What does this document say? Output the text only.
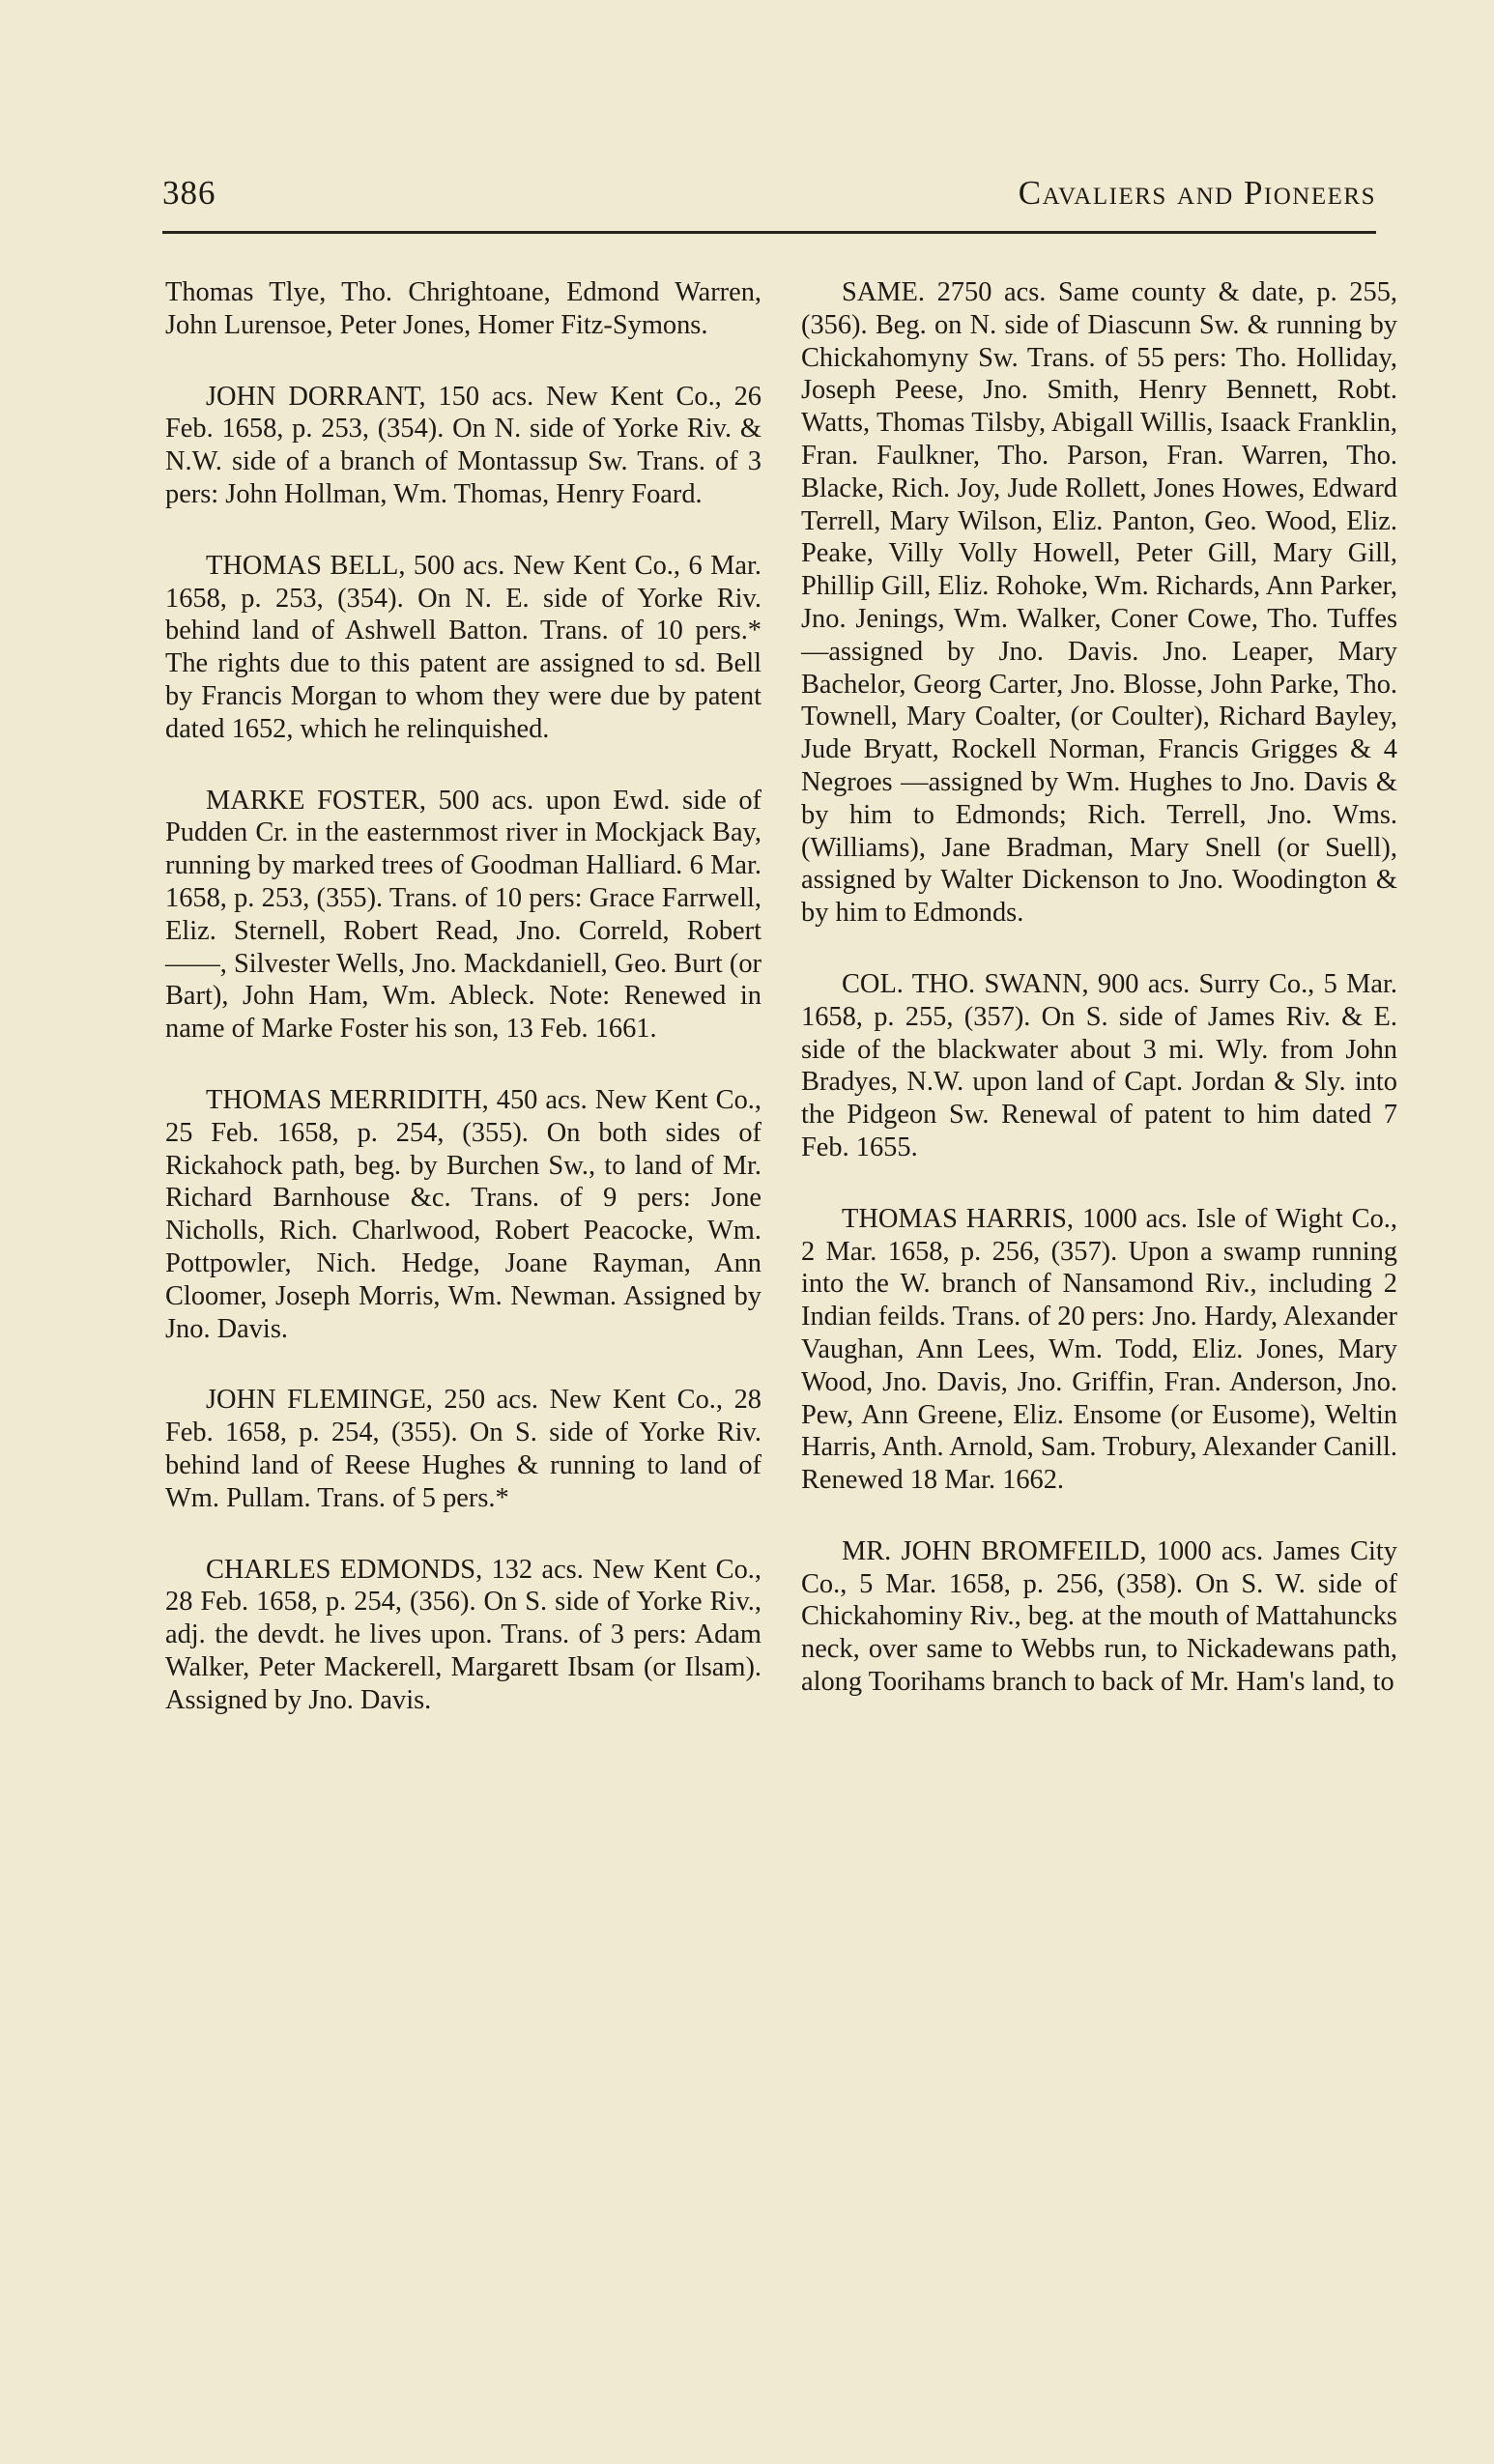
386	Cavaliers and Pioneers

Thomas Tlye, Tho. Chrightoane, Edmond Warren, John Lurensoe, Peter Jones, Homer Fitz-Symons.

JOHN DORRANT, 150 acs. New Kent Co., 26 Feb. 1658, p. 253, (354). On N. side of Yorke Riv. & N.W. side of a branch of Montassup Sw. Trans. of 3 pers: John Hollman, Wm. Thomas, Henry Foard.

THOMAS BELL, 500 acs. New Kent Co., 6 Mar. 1658, p. 253, (354). On N. E. side of Yorke Riv. behind land of Ashwell Batton. Trans. of 10 pers.* The rights due to this patent are assigned to sd. Bell by Francis Morgan to whom they were due by patent dated 1652, which he relinquished.

MARKE FOSTER, 500 acs. upon Ewd. side of Pudden Cr. in the easternmost river in Mockjack Bay, running by marked trees of Goodman Halliard. 6 Mar. 1658, p. 253, (355). Trans. of 10 pers: Grace Farrwell, Eliz. Sternell, Robert Read, Jno. Correld, Robert ——, Silvester Wells, Jno. Mackdaniell, Geo. Burt (or Bart), John Ham, Wm. Ableck. Note: Renewed in name of Marke Foster his son, 13 Feb. 1661.

THOMAS MERRIDITH, 450 acs. New Kent Co., 25 Feb. 1658, p. 254, (355). On both sides of Rickahock path, beg. by Burchen Sw., to land of Mr. Richard Barnhouse &c. Trans. of 9 pers: Jone Nicholls, Rich. Charlwood, Robert Peacocke, Wm. Pottpowler, Nich. Hedge, Joane Rayman, Ann Cloomer, Joseph Morris, Wm. Newman. Assigned by Jno. Davis.

JOHN FLEMINGE, 250 acs. New Kent Co., 28 Feb. 1658, p. 254, (355). On S. side of Yorke Riv. behind land of Reese Hughes & running to land of Wm. Pullam. Trans. of 5 pers.*

CHARLES EDMONDS, 132 acs. New Kent Co., 28 Feb. 1658, p. 254, (356). On S. side of Yorke Riv., adj. the devdt. he lives upon. Trans. of 3 pers: Adam Walker, Peter Mackerell, Margarett Ibsam (or Ilsam). Assigned by Jno. Davis.

SAME. 2750 acs. Same county & date, p. 255, (356). Beg. on N. side of Diascunn Sw. & running by Chickahomyny Sw. Trans. of 55 pers: Tho. Holliday, Joseph Peese, Jno. Smith, Henry Bennett, Robt. Watts, Thomas Tilsby, Abigall Willis, Isaack Franklin, Fran. Faulkner, Tho. Parson, Fran. Warren, Tho. Blacke, Rich. Joy, Jude Rollett, Jones Howes, Edward Terrell, Mary Wilson, Eliz. Panton, Geo. Wood, Eliz. Peake, Villy Volly Howell, Peter Gill, Mary Gill, Phillip Gill, Eliz. Rohoke, Wm. Richards, Ann Parker, Jno. Jenings, Wm. Walker, Coner Cowe, Tho. Tuffes—assigned by Jno. Davis. Jno. Leaper, Mary Bachelor, Georg Carter, Jno. Blosse, John Parke, Tho. Townell, Mary Coalter, (or Coulter), Richard Bayley, Jude Bryatt, Rockell Norman, Francis Grigges & 4 Negroes —assigned by Wm. Hughes to Jno. Davis & by him to Edmonds; Rich. Terrell, Jno. Wms. (Williams), Jane Bradman, Mary Snell (or Suell), assigned by Walter Dickenson to Jno. Woodington & by him to Edmonds.

COL. THO. SWANN, 900 acs. Surry Co., 5 Mar. 1658, p. 255, (357). On S. side of James Riv. & E. side of the blackwater about 3 mi. Wly. from John Bradyes, N.W. upon land of Capt. Jordan & Sly. into the Pidgeon Sw. Renewal of patent to him dated 7 Feb. 1655.

THOMAS HARRIS, 1000 acs. Isle of Wight Co., 2 Mar. 1658, p. 256, (357). Upon a swamp running into the W. branch of Nansamond Riv., including 2 Indian feilds. Trans. of 20 pers: Jno. Hardy, Alexander Vaughan, Ann Lees, Wm. Todd, Eliz. Jones, Mary Wood, Jno. Davis, Jno. Griffin, Fran. Anderson, Jno. Pew, Ann Greene, Eliz. Ensome (or Eusome), Weltin Harris, Anth. Arnold, Sam. Trobury, Alexander Canill. Renewed 18 Mar. 1662.

MR. JOHN BROMFEILD, 1000 acs. James City Co., 5 Mar. 1658, p. 256, (358). On S. W. side of Chickahominy Riv., beg. at the mouth of Mattahuncks neck, over same to Webbs run, to Nickadewans path, along Toorihams branch to back of Mr. Ham's land, to
